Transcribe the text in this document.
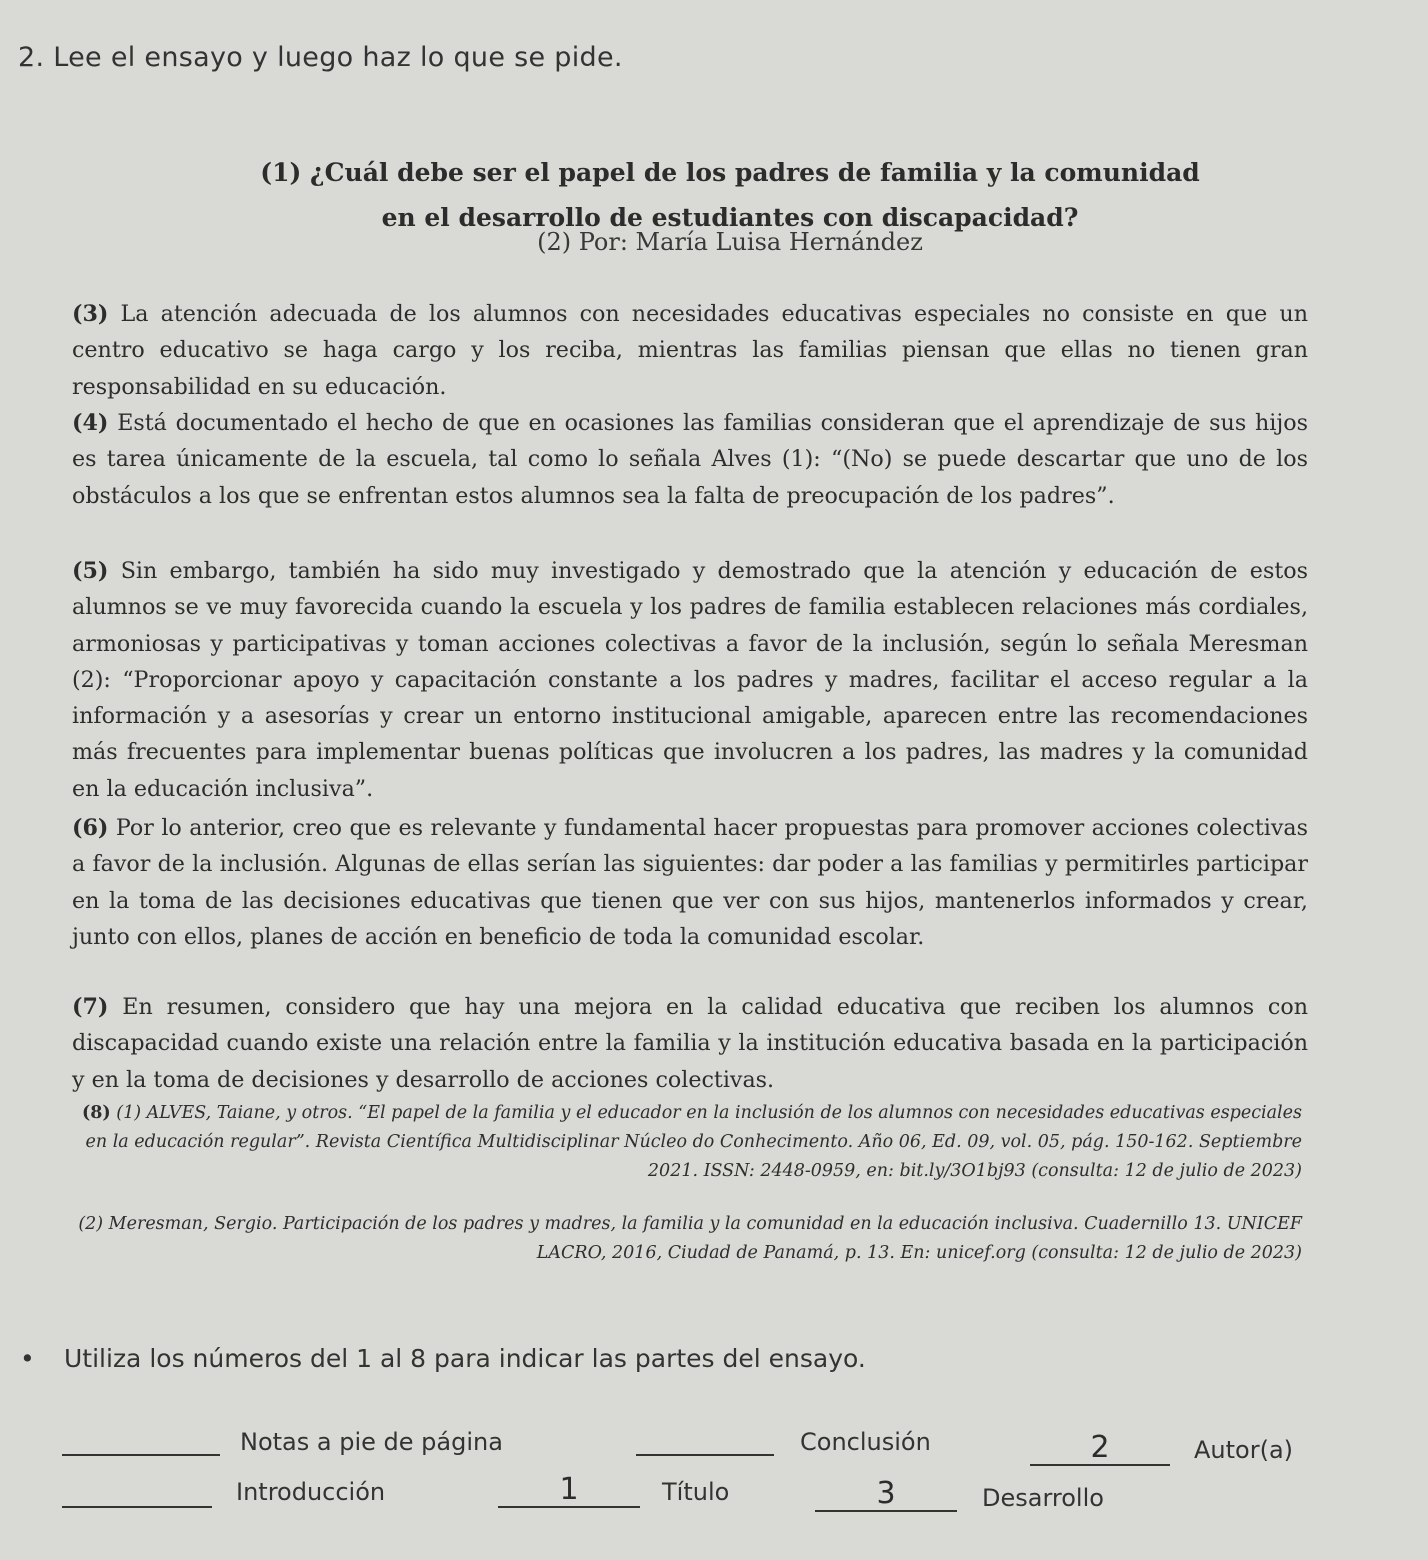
2. Lee el ensayo y luego haz lo que se pide.
(1) ¿Cuál debe ser el papel de los padres de familia y la comunidad
en el desarrollo de estudiantes con discapacidad?
(2) Por: María Luisa Hernández

(3) La atención adecuada de los alumnos con necesidades educativas especiales no consiste en que un centro educativo se haga cargo y los reciba, mientras las familias piensan que ellas no tienen gran responsabilidad en su educación.

(4) Está documentado el hecho de que en ocasiones las familias consideran que el aprendizaje de sus hijos es tarea únicamente de la escuela, tal como lo señala Alves (1): “(No) se puede descartar que uno de los obstáculos a los que se enfrentan estos alumnos sea la falta de preocupación de los padres”.

(5) Sin embargo, también ha sido muy investigado y demostrado que la atención y educación de estos alumnos se ve muy favorecida cuando la escuela y los padres de familia establecen relaciones más cordiales, armoniosas y participativas y toman acciones colectivas a favor de la inclusión, según lo señala Meresman (2): “Proporcionar apoyo y capacitación constante a los padres y madres, facilitar el acceso regular a la información y a asesorías y crear un entorno institucional amigable, aparecen entre las recomendaciones más frecuentes para implementar buenas políticas que involucren a los padres, las madres y la comunidad en la educación inclusiva”.

(6) Por lo anterior, creo que es relevante y fundamental hacer propuestas para promover acciones colectivas a favor de la inclusión. Algunas de ellas serían las siguientes: dar poder a las familias y permitirles participar en la toma de las decisiones educativas que tienen que ver con sus hijos, mantenerlos informados y crear, junto con ellos, planes de acción en beneficio de toda la comunidad escolar.

(7) En resumen, considero que hay una mejora en la calidad educativa que reciben los alumnos con discapacidad cuando existe una relación entre la familia y la institución educativa basada en la participación y en la toma de decisiones y desarrollo de acciones colectivas.

(8) (1) ALVES, Taiane, y otros. “El papel de la familia y el educador en la inclusión de los alumnos con necesidades educativas especiales en la educación regular”. Revista Científica Multidisciplinar Núcleo do Conhecimento. Año 06, Ed. 09, vol. 05, pág. 150-162. Septiembre 2021. ISSN: 2448-0959, en: bit.ly/3O1bj93 (consulta: 12 de julio de 2023)

(2) Meresman, Sergio. Participación de los padres y madres, la familia y la comunidad en la educación inclusiva. Cuadernillo 13. UNICEF LACRO, 2016, Ciudad de Panamá, p. 13. En: unicef.org (consulta: 12 de julio de 2023)

• Utiliza los números del 1 al 8 para indicar las partes del ensayo.
Notas a pie de página	Conclusión	2	Autor(a)
Introducción	1	Título	3	Desarrollo
